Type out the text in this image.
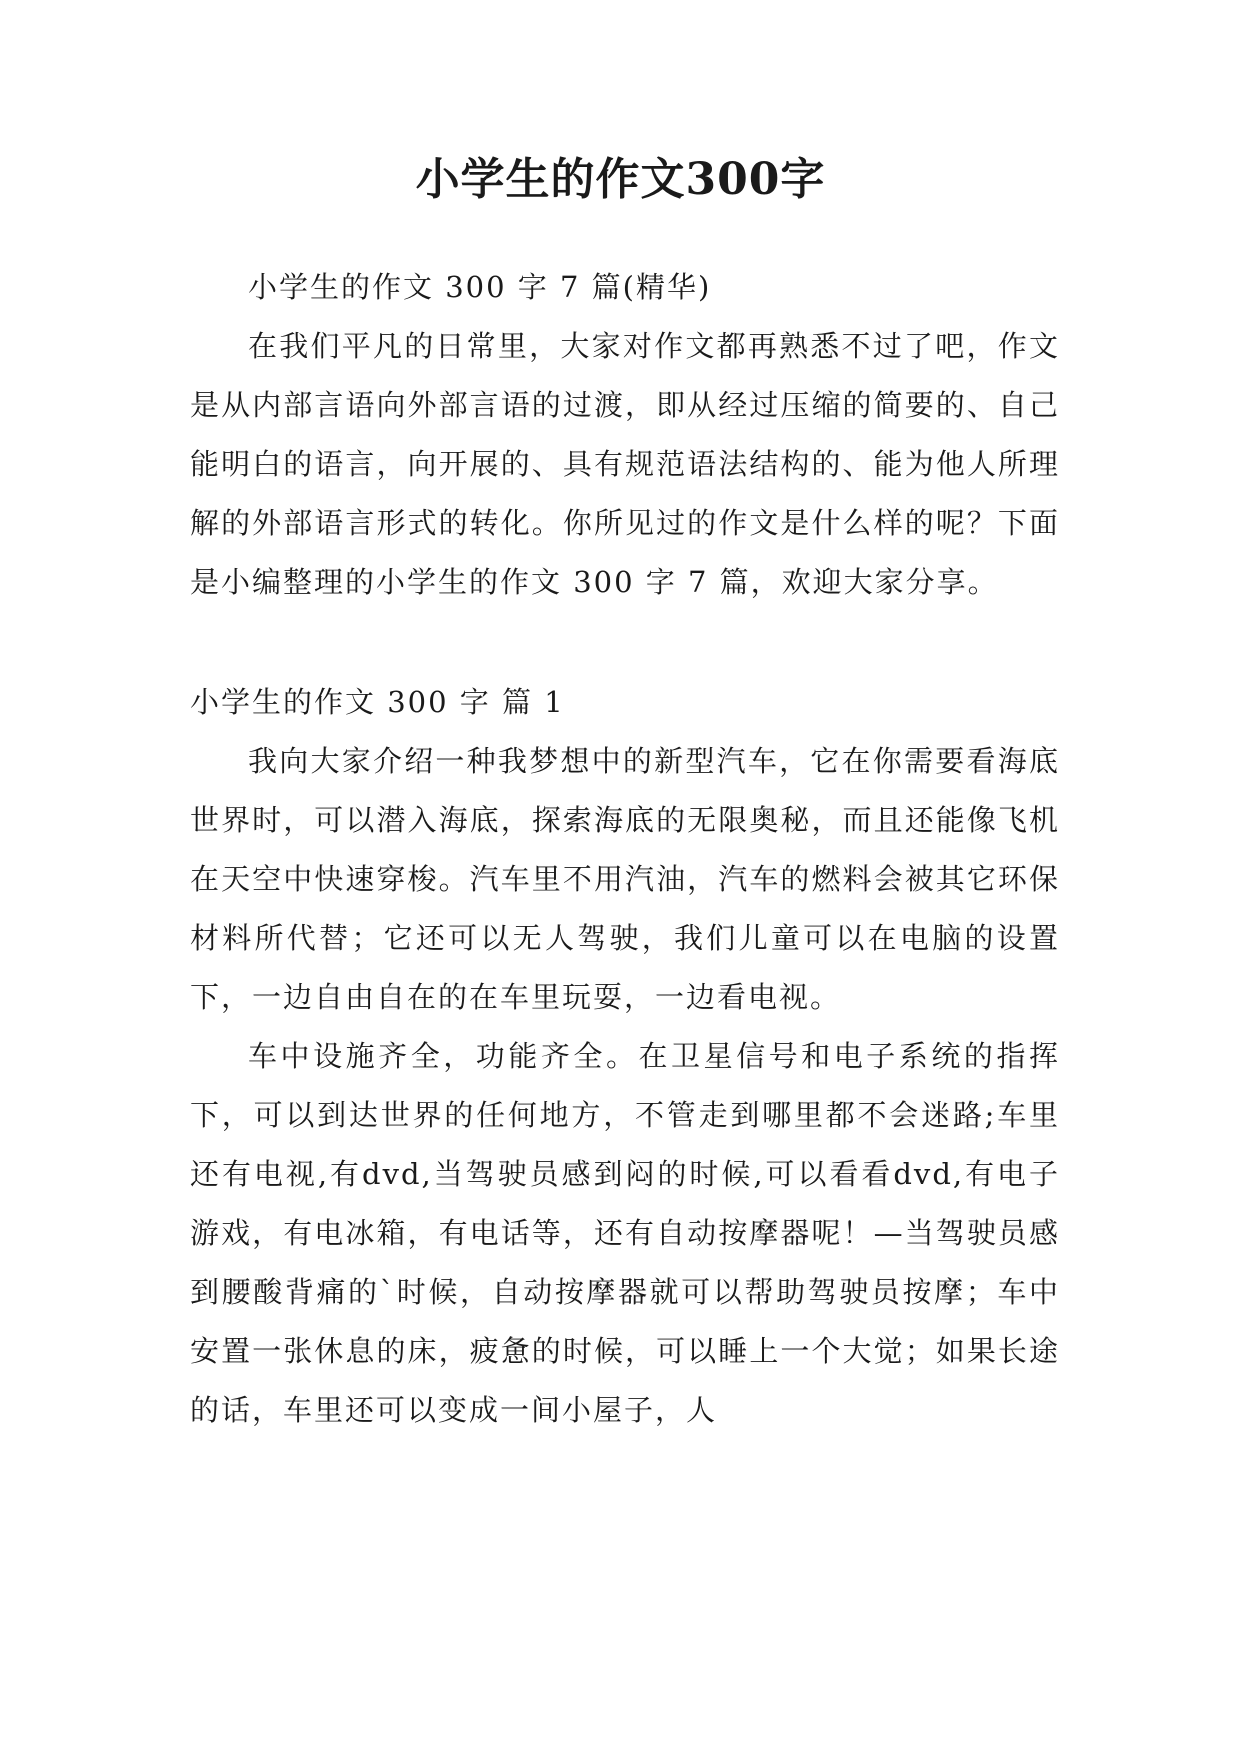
小学生的作文300字

小学生的作文 300 字 7 篇(精华)

在我们平凡的日常里，大家对作文都再熟悉不过了吧，作文是从内部言语向外部言语的过渡，即从经过压缩的简要的、自己能明白的语言，向开展的、具有规范语法结构的、能为他人所理解的外部语言形式的转化。你所见过的作文是什么样的呢？下面是小编整理的小学生的作文 300 字 7 篇，欢迎大家分享。

小学生的作文 300 字 篇 1

我向大家介绍一种我梦想中的新型汽车，它在你需要看海底世界时，可以潜入海底，探索海底的无限奥秘，而且还能像飞机在天空中快速穿梭。汽车里不用汽油，汽车的燃料会被其它环保材料所代替；它还可以无人驾驶，我们儿童可以在电脑的设置下，一边自由自在的在车里玩耍，一边看电视。

车中设施齐全，功能齐全。在卫星信号和电子系统的指挥下，可以到达世界的任何地方，不管走到哪里都不会迷路;车里还有电视,有dvd,当驾驶员感到闷的时候,可以看看dvd,有电子游戏，有电冰箱，有电话等，还有自动按摩器呢！—当驾驶员感到腰酸背痛的`时候，自动按摩器就可以帮助驾驶员按摩；车中安置一张休息的床，疲惫的时候，可以睡上一个大觉；如果长途的话，车里还可以变成一间小屋子，人
